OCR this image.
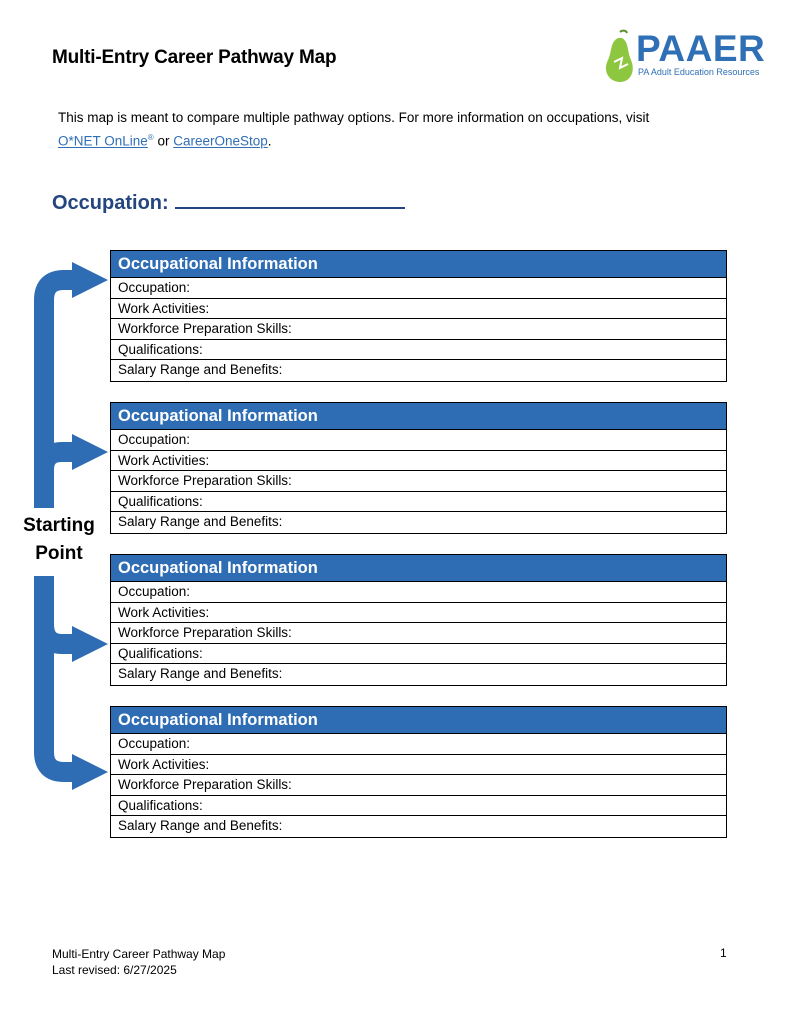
Multi-Entry Career Pathway Map	PAAER
PA Adult Education Resources
This map is meant to compare multiple pathway options. For more information on occupations, visit
O*NET OnLine® or CareerOneStop.
Occupation:
Starting
Point
Occupational Information
Occupation:
Work Activities:
Workforce Preparation Skills:
Qualifications:
Salary Range and Benefits:
Occupational Information
Occupation:
Work Activities:
Workforce Preparation Skills:
Qualifications:
Salary Range and Benefits:
Occupational Information
Occupation:
Work Activities:
Workforce Preparation Skills:
Qualifications:
Salary Range and Benefits:
Occupational Information
Occupation:
Work Activities:
Workforce Preparation Skills:
Qualifications:
Salary Range and Benefits:
Multi-Entry Career Pathway Map
Last revised: 6/27/2025
1
